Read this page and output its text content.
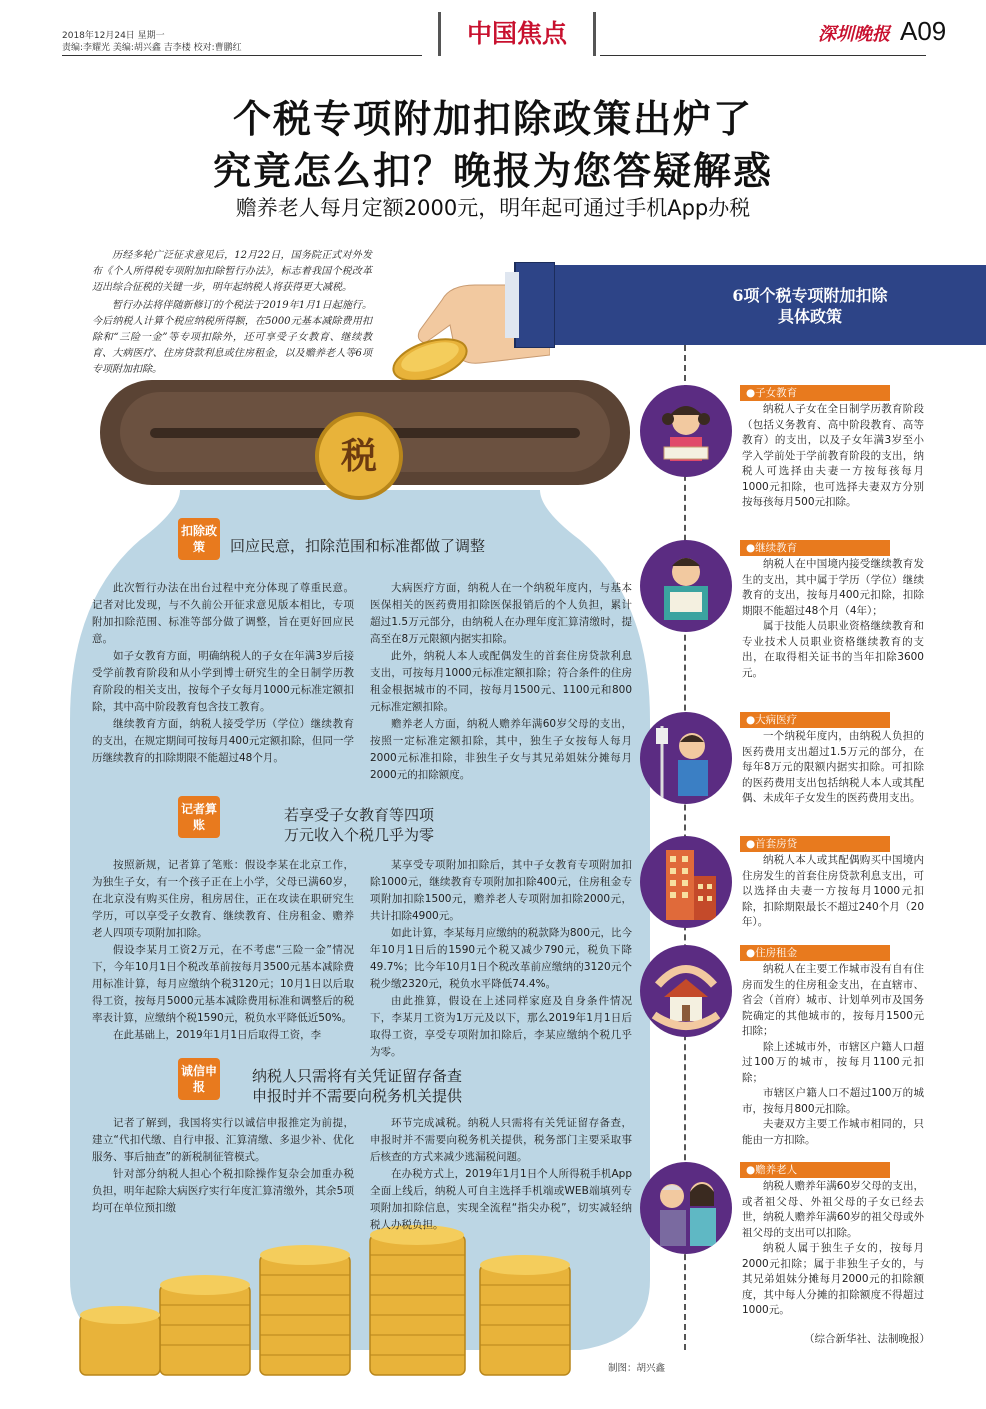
2018年12月24日 星期一
责编:李耀光 美编:胡兴鑫 吉李楼 校对:曹鹏红	中国焦点	深圳晚报 A09
个税专项附加扣除政策出炉了
究竟怎么扣？晚报为您答疑解惑
赡养老人每月定额2000元，明年起可通过手机App办税

历经多轮广泛征求意见后，12月22日，国务院正式对外发布《个人所得税专项附加扣除暂行办法》，标志着我国个税改革迈出综合征税的关键一步，明年起纳税人将获得更大减税。

暂行办法将伴随新修订的个税法于2019年1月1日起施行。今后纳税人计算个税应纳税所得额，在5000元基本减除费用扣除和“三险一金”等专项扣除外，还可享受子女教育、继续教育、大病医疗、住房贷款利息或住房租金，以及赡养老人等6项专项附加扣除。

税
扣除政策	回应民意，扣除范围和标准都做了调整

此次暂行办法在出台过程中充分体现了尊重民意。记者对比发现，与不久前公开征求意见版本相比，专项附加扣除范围、标准等部分做了调整，旨在更好回应民意。

如子女教育方面，明确纳税人的子女在年满3岁后接受学前教育阶段和从小学到博士研究生的全日制学历教育阶段的相关支出，按每个子女每月1000元标准定额扣除，其中高中阶段教育包含技工教育。

继续教育方面，纳税人接受学历（学位）继续教育的支出，在规定期间可按每月400元定额扣除，但同一学历继续教育的扣除期限不能超过48个月。

大病医疗方面，纳税人在一个纳税年度内，与基本医保相关的医药费用扣除医保报销后的个人负担，累计超过1.5万元部分，由纳税人在办理年度汇算清缴时，提高至在8万元限额内据实扣除。

此外，纳税人本人或配偶发生的首套住房贷款利息支出，可按每月1000元标准定额扣除；符合条件的住房租金根据城市的不同，按每月1500元、1100元和800元标准定额扣除。

赡养老人方面，纳税人赡养年满60岁父母的支出，按照一定标准定额扣除，其中，独生子女按每人每月2000元标准扣除，非独生子女与其兄弟姐妹分摊每月2000元的扣除额度。

记者算账
若享受子女教育等四项
万元收入个税几乎为零

按照新规，记者算了笔账：假设李某在北京工作，为独生子女，有一个孩子正在上小学，父母已满60岁，在北京没有购买住房，租房居住，正在攻读在职研究生学历，可以享受子女教育、继续教育、住房租金、赡养老人四项专项附加扣除。

假设李某月工资2万元，在不考虑“三险一金”情况下，今年10月1日个税改革前按每月3500元基本减除费用标准计算，每月应缴纳个税3120元；10月1日以后取得工资，按每月5000元基本减除费用标准和调整后的税率表计算，应缴纳个税1590元，税负水平降低近50%。

在此基础上，2019年1月1日后取得工资，李

某享受专项附加扣除后，其中子女教育专项附加扣除1000元，继续教育专项附加扣除400元，住房租金专项附加扣除1500元，赡养老人专项附加扣除2000元，共计扣除4900元。

如此计算，李某每月应缴纳的税款降为800元，比今年10月1日后的1590元个税又减少790元，税负下降49.7%；比今年10月1日个税改革前应缴纳的3120元个税少缴2320元，税负水平降低74.4%。

由此推算，假设在上述同样家庭及自身条件情况下，李某月工资为1万元及以下，那么2019年1月1日后取得工资，享受专项附加扣除后，李某应缴纳个税几乎为零。

诚信申报
纳税人只需将有关凭证留存备查
申报时并不需要向税务机关提供

记者了解到，我国将实行以诚信申报推定为前提，建立“代扣代缴、自行申报、汇算清缴、多退少补、优化服务、事后抽查”的新税制征管模式。

针对部分纳税人担心个税扣除操作复杂会加重办税负担，明年起除大病医疗实行年度汇算清缴外，其余5项均可在单位预扣缴

环节完成减税。纳税人只需将有关凭证留存备查，申报时并不需要向税务机关提供，税务部门主要采取事后核查的方式来减少逃漏税问题。

在办税方式上，2019年1月1日个人所得税手机App全面上线后，纳税人可自主选择手机端或WEB端填列专项附加扣除信息，实现全流程“指尖办税”，切实减轻纳税人办税负担。

制图：胡兴鑫
6项个税专项附加扣除
具体政策
●子女教育

纳税人子女在全日制学历教育阶段（包括义务教育、高中阶段教育、高等教育）的支出，以及子女年满3岁至小学入学前处于学前教育阶段的支出，纳税人可选择由夫妻一方按每孩每月1000元扣除，也可选择夫妻双方分别按每孩每月500元扣除。

●继续教育

纳税人在中国境内接受继续教育发生的支出，其中属于学历（学位）继续教育的支出，按每月400元扣除，扣除期限不能超过48个月（4年）；

属于技能人员职业资格继续教育和专业技术人员职业资格继续教育的支出，在取得相关证书的当年扣除3600元。

●大病医疗

一个纳税年度内，由纳税人负担的医药费用支出超过1.5万元的部分，在每年8万元的限额内据实扣除。可扣除的医药费用支出包括纳税人本人或其配偶、未成年子女发生的医药费用支出。

●首套房贷

纳税人本人或其配偶购买中国境内住房发生的首套住房贷款利息支出，可以选择由夫妻一方按每月1000元扣除，扣除期限最长不超过240个月（20年）。

●住房租金

纳税人在主要工作城市没有自有住房而发生的住房租金支出，在直辖市、省会（首府）城市、计划单列市及国务院确定的其他城市的，按每月1500元扣除；

除上述城市外，市辖区户籍人口超过100万的城市，按每月1100元扣除；

市辖区户籍人口不超过100万的城市，按每月800元扣除。

夫妻双方主要工作城市相同的，只能由一方扣除。

●赡养老人

纳税人赡养年满60岁父母的支出，或者祖父母、外祖父母的子女已经去世，纳税人赡养年满60岁的祖父母或外祖父母的支出可以扣除。

纳税人属于独生子女的，按每月2000元扣除；属于非独生子女的，与其兄弟姐妹分摊每月2000元的扣除额度，其中每人分摊的扣除额度不得超过1000元。

（综合新华社、法制晚报）
